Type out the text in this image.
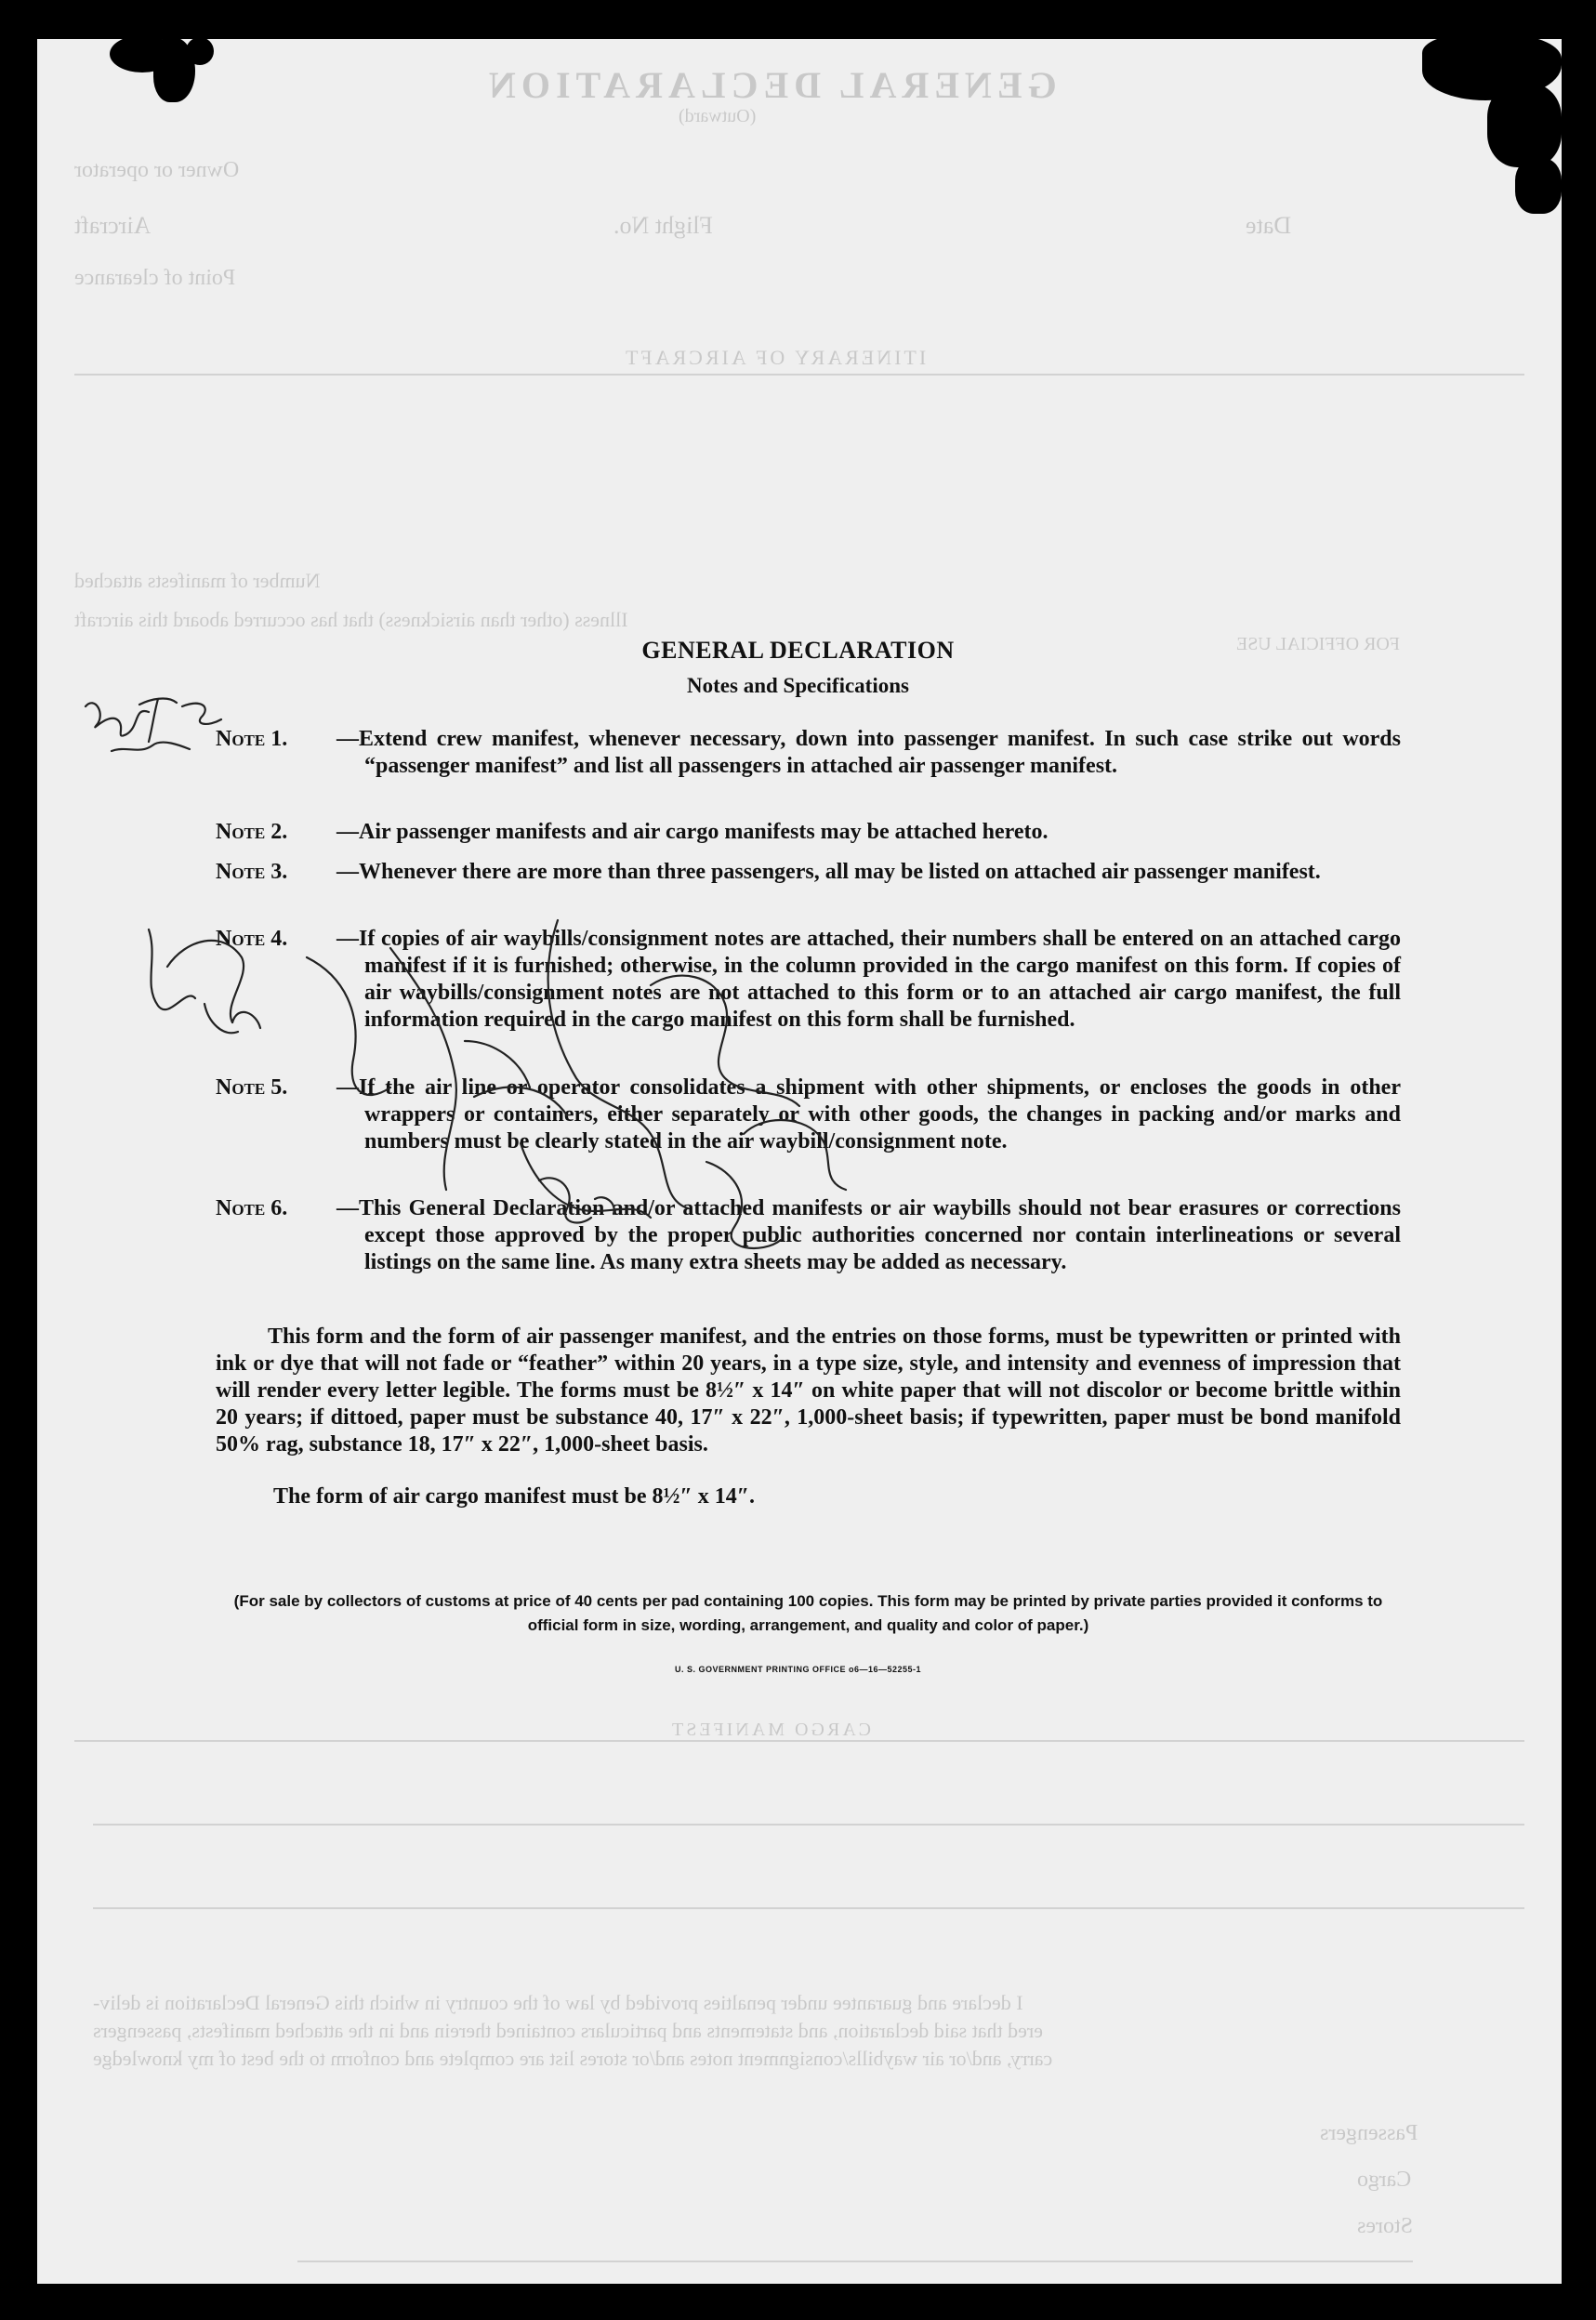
GENERAL DECLARATION
(Outward)
Owner or operator
Aircraft	Flight No.	Date
Point of clearance
ITINERARY OF AIRCRAFT
Number of manifests attached
Illness (other than airsickness) that has occurred aboard this aircraft
FOR OFFICIAL USE
CARGO MANIFEST
I declare and guarantee under penalties provided by law of the country in which this General Declaration is deliv-
ered that said declaration, and statements and particulars contained therein and in the attached manifests, passengers
carry, and/or air waybills/consignment notes and/or stores list are complete and conform to the best of my knowledge
Passengers
Cargo
Stores
GENERAL DECLARATION
Notes and Specifications
Note 1.	—Extend crew manifest, whenever necessary, down into passenger manifest. In such case strike out words “passenger manifest” and list all passengers in attached air passenger manifest.
Note 2.	—Air passenger manifests and air cargo manifests may be attached hereto.
Note 3.	—Whenever there are more than three passengers, all may be listed on attached air passenger manifest.
Note 4.	—If copies of air waybills/consignment notes are attached, their numbers shall be entered on an attached cargo manifest if it is furnished; otherwise, in the column provided in the cargo manifest on this form. If copies of air waybills/consignment notes are not attached to this form or to an attached air cargo manifest, the full information required in the cargo manifest on this form shall be furnished.
Note 5.	—If the air line or operator consolidates a shipment with other shipments, or encloses the goods in other wrappers or containers, either separately or with other goods, the changes in packing and/or marks and numbers must be clearly stated in the air waybill/consignment note.
Note 6.	—This General Declaration and/or attached manifests or air waybills should not bear erasures or corrections except those approved by the proper public authorities concerned nor contain interlineations or several listings on the same line. As many extra sheets may be added as necessary.
This form and the form of air passenger manifest, and the entries on those forms, must be typewritten or printed with ink or dye that will not fade or “feather” within 20 years, in a type size, style, and intensity and evenness of impression that will render every letter legible. The forms must be 8½″ x 14″ on white paper that will not discolor or become brittle within 20 years; if dittoed, paper must be substance 40, 17″ x 22″, 1,000-sheet basis; if typewritten, paper must be bond manifold 50% rag, substance 18, 17″ x 22″, 1,000-sheet basis.
The form of air cargo manifest must be 8½″ x 14″.
(For sale by collectors of customs at price of 40 cents per pad containing 100 copies. This form may be printed by private parties provided it conforms to official form in size, wording, arrangement, and quality and color of paper.)
U. S. GOVERNMENT PRINTING OFFICE o6—16—52255-1
